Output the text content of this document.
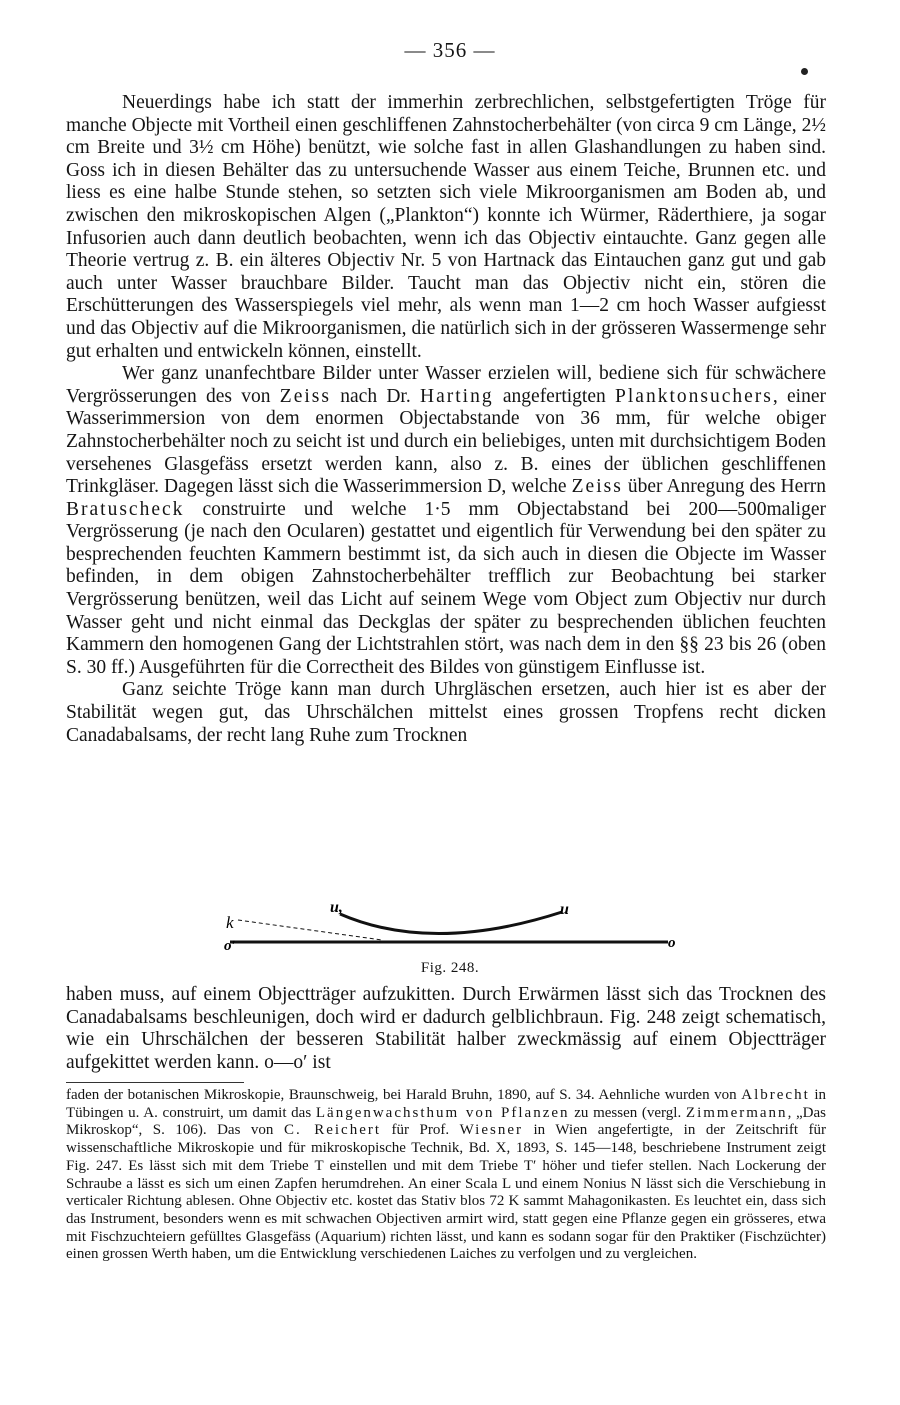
— 356 —

Neuerdings habe ich statt der immerhin zerbrechlichen, selbstgefertigten Tröge für manche Objecte mit Vortheil einen geschliffenen Zahnstocherbehälter (von circa 9 cm Länge, 2½ cm Breite und 3½ cm Höhe) benützt, wie solche fast in allen Glashandlungen zu haben sind. Goss ich in diesen Behälter das zu untersuchende Wasser aus einem Teiche, Brunnen etc. und liess es eine halbe Stunde stehen, so setzten sich viele Mikroorganismen am Boden ab, und zwischen den mikroskopischen Algen („Plankton“) konnte ich Würmer, Räderthiere, ja sogar Infusorien auch dann deutlich beobachten, wenn ich das Objectiv eintauchte. Ganz gegen alle Theorie vertrug z. B. ein älteres Objectiv Nr. 5 von Hartnack das Eintauchen ganz gut und gab auch unter Wasser brauchbare Bilder. Taucht man das Objectiv nicht ein, stören die Erschütterungen des Wasserspiegels viel mehr, als wenn man 1—2 cm hoch Wasser aufgiesst und das Objectiv auf die Mikroorganismen, die natürlich sich in der grösseren Wassermenge sehr gut erhalten und entwickeln können, einstellt.

Wer ganz unanfechtbare Bilder unter Wasser erzielen will, bediene sich für schwächere Vergrösserungen des von Zeiss nach Dr. Harting angefertigten Planktonsuchers, einer Wasserimmersion von dem enormen Objectabstande von 36 mm, für welche obiger Zahnstocherbehälter noch zu seicht ist und durch ein beliebiges, unten mit durchsichtigem Boden versehenes Glasgefäss ersetzt werden kann, also z. B. eines der üblichen geschliffenen Trinkgläser. Dagegen lässt sich die Wasserimmersion D, welche Zeiss über Anregung des Herrn Bratuscheck construirte und welche 1·5 mm Objectabstand bei 200—500maliger Vergrösserung (je nach den Ocularen) gestattet und eigentlich für Verwendung bei den später zu besprechenden feuchten Kammern bestimmt ist, da sich auch in diesen die Objecte im Wasser befinden, in dem obigen Zahnstocherbehälter trefflich zur Beobachtung bei starker Vergrösserung benützen, weil das Licht auf seinem Wege vom Object zum Objectiv nur durch Wasser geht und nicht einmal das Deckglas der später zu besprechenden üblichen feuchten Kammern den homogenen Gang der Lichtstrahlen stört, was nach dem in den §§ 23 bis 26 (oben S. 30 ff.) Ausgeführten für die Correctheit des Bildes von günstigem Einflusse ist.

Ganz seichte Tröge kann man durch Uhrgläschen ersetzen, auch hier ist es aber der Stabilität wegen gut, das Uhrschälchen mittelst eines grossen Tropfens recht dicken Canadabalsams, der recht lang Ruhe zum Trocknen

k
u,	u
o′	o
Fig. 248.

haben muss, auf einem Objectträger aufzukitten. Durch Erwärmen lässt sich das Trocknen des Canadabalsams beschleunigen, doch wird er dadurch gelblichbraun. Fig. 248 zeigt schematisch, wie ein Uhrschälchen der besseren Stabilität halber zweckmässig auf einem Objectträger aufgekittet werden kann. o—o′ ist

faden der botanischen Mikroskopie, Braunschweig, bei Harald Bruhn, 1890, auf S. 34. Aehnliche wurden von Albrecht in Tübingen u. A. construirt, um damit das Längenwachsthum von Pflanzen zu messen (vergl. Zimmermann, „Das Mikroskop“, S. 106). Das von C. Reichert für Prof. Wiesner in Wien angefertigte, in der Zeitschrift für wissenschaftliche Mikroskopie und für mikroskopische Technik, Bd. X, 1893, S. 145—148, beschriebene Instrument zeigt Fig. 247. Es lässt sich mit dem Triebe T einstellen und mit dem Triebe T′ höher und tiefer stellen. Nach Lockerung der Schraube a lässt es sich um einen Zapfen herumdrehen. An einer Scala L und einem Nonius N lässt sich die Verschiebung in verticaler Richtung ablesen. Ohne Objectiv etc. kostet das Stativ blos 72 K sammt Mahagonikasten. Es leuchtet ein, dass sich das Instrument, besonders wenn es mit schwachen Objectiven armirt wird, statt gegen eine Pflanze gegen ein grösseres, etwa mit Fischzuchteiern gefülltes Glasgefäss (Aquarium) richten lässt, und kann es sodann sogar für den Praktiker (Fischzüchter) einen grossen Werth haben, um die Entwicklung verschiedenen Laiches zu verfolgen und zu vergleichen.
